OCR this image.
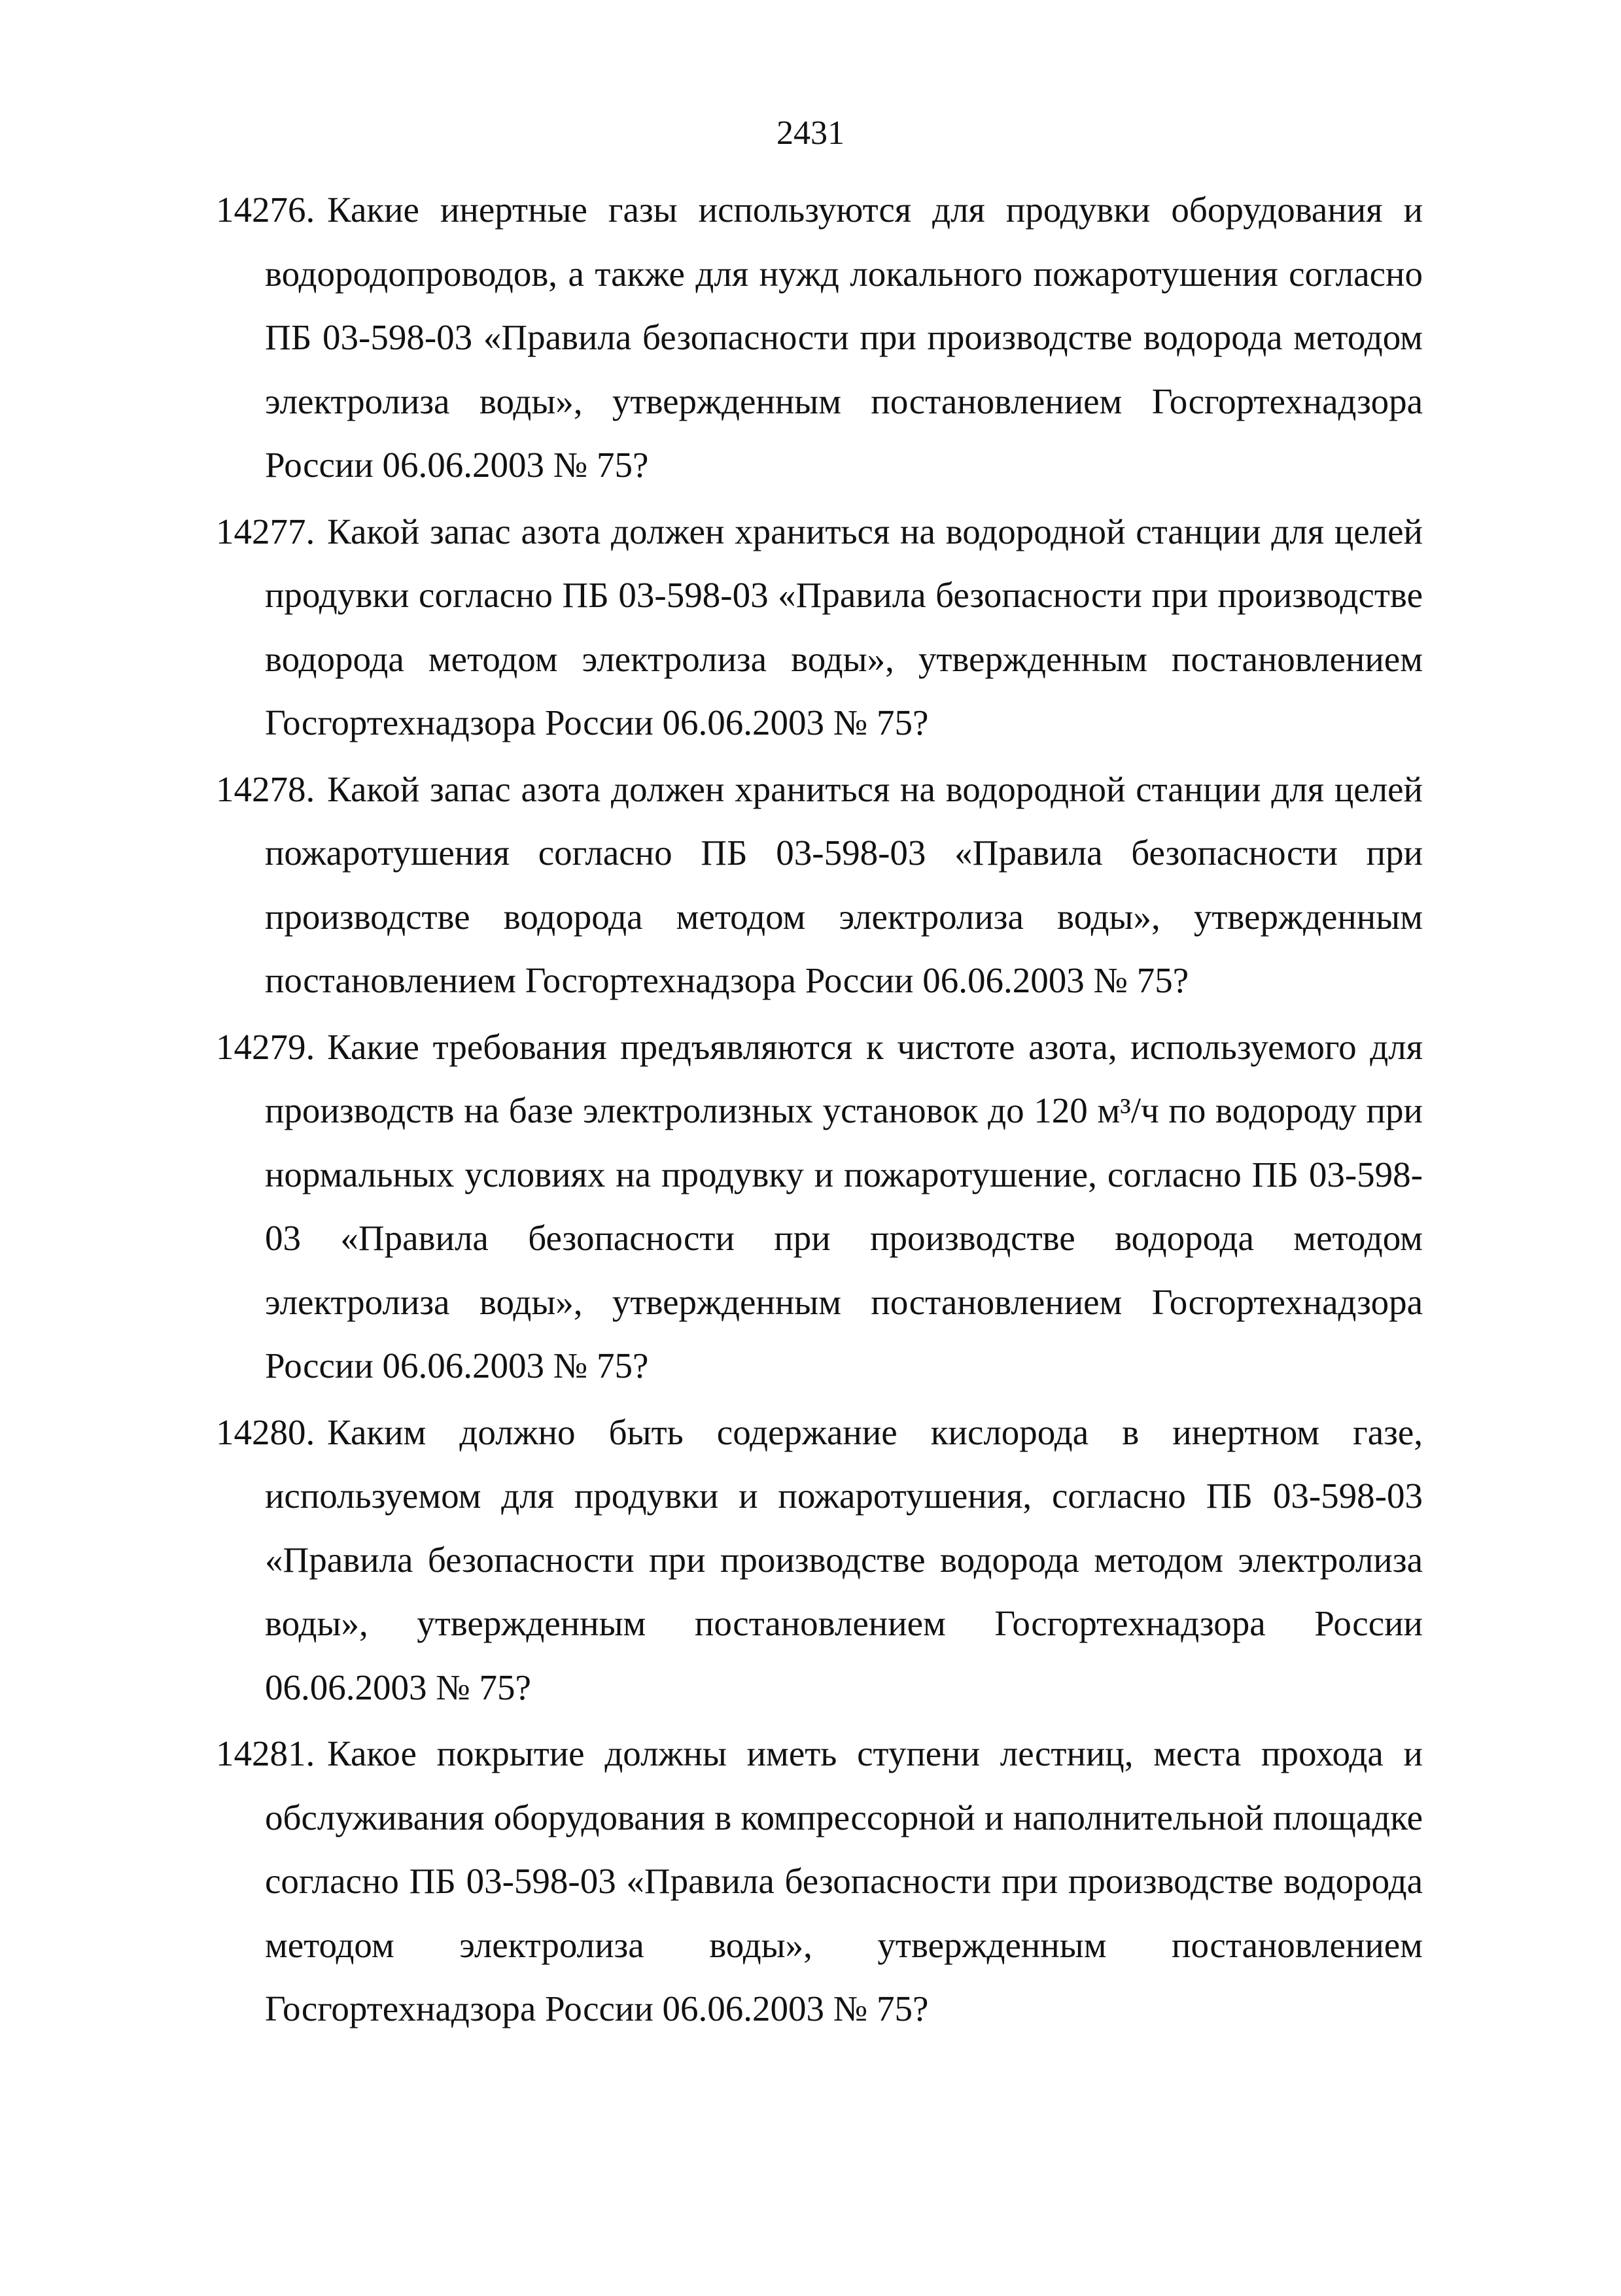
2431
14276. Какие инертные газы используются для продувки оборудования и водородопроводов, а также для нужд локального пожаротушения согласно ПБ 03-598-03 «Правила безопасности при производстве водорода методом электролиза воды», утвержденным постановлением Госгортехнадзора России 06.06.2003 № 75?
14277. Какой запас азота должен храниться на водородной станции для целей продувки согласно ПБ 03-598-03 «Правила безопасности при производстве водорода методом электролиза воды», утвержденным постановлением Госгортехнадзора России 06.06.2003 № 75?
14278. Какой запас азота должен храниться на водородной станции для целей пожаротушения согласно ПБ 03-598-03 «Правила безопасности при производстве водорода методом электролиза воды», утвержденным постановлением Госгортехнадзора России 06.06.2003 № 75?
14279. Какие требования предъявляются к чистоте азота, используемого для производств на базе электролизных установок до 120 м³/ч по водороду при нормальных условиях на продувку и пожаротушение, согласно ПБ 03-598-03 «Правила безопасности при производстве водорода методом электролиза воды», утвержденным постановлением Госгортехнадзора России 06.06.2003 № 75?
14280. Каким должно быть содержание кислорода в инертном газе, используемом для продувки и пожаротушения, согласно ПБ 03-598-03 «Правила безопасности при производстве водорода методом электролиза воды», утвержденным постановлением Госгортехнадзора России 06.06.2003 № 75?
14281. Какое покрытие должны иметь ступени лестниц, места прохода и обслуживания оборудования в компрессорной и наполнительной площадке согласно ПБ 03-598-03 «Правила безопасности при производстве водорода методом электролиза воды», утвержденным постановлением Госгортехнадзора России 06.06.2003 № 75?
